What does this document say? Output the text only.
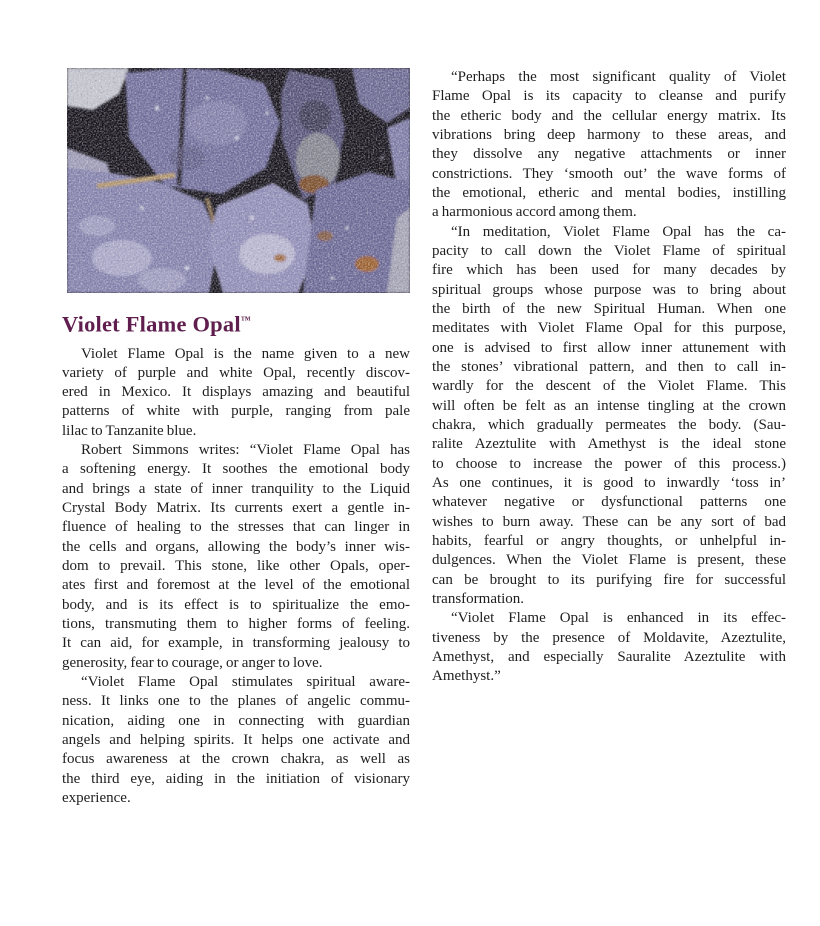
Violet Flame Opal™
Violet Flame Opal is the name given to a new
variety of purple and white Opal, recently discov-
ered in Mexico. It displays amazing and beautiful
patterns of white with purple, ranging from pale
lilac to Tanzanite blue.
Robert Simmons writes: “Violet Flame Opal has
a softening energy. It soothes the emotional body
and brings a state of inner tranquility to the Liquid
Crystal Body Matrix. Its currents exert a gentle in-
fluence of healing to the stresses that can linger in
the cells and organs, allowing the body’s inner wis-
dom to prevail. This stone, like other Opals, oper-
ates first and foremost at the level of the emotional
body, and is its effect is to spiritualize the emo-
tions, transmuting them to higher forms of feeling.
It can aid, for example, in transforming jealousy to
generosity, fear to courage, or anger to love.
“Violet Flame Opal stimulates spiritual aware-
ness. It links one to the planes of angelic commu-
nication, aiding one in connecting with guardian
angels and helping spirits. It helps one activate and
focus awareness at the crown chakra, as well as
the third eye, aiding in the initiation of visionary
experience.
“Perhaps the most significant quality of Violet
Flame Opal is its capacity to cleanse and purify
the etheric body and the cellular energy matrix. Its
vibrations bring deep harmony to these areas, and
they dissolve any negative attachments or inner
constrictions. They ‘smooth out’ the wave forms of
the emotional, etheric and mental bodies, instilling
a harmonious accord among them.
“In meditation, Violet Flame Opal has the ca-
pacity to call down the Violet Flame of spiritual
fire which has been used for many decades by
spiritual groups whose purpose was to bring about
the birth of the new Spiritual Human. When one
meditates with Violet Flame Opal for this purpose,
one is advised to first allow inner attunement with
the stones’ vibrational pattern, and then to call in-
wardly for the descent of the Violet Flame. This
will often be felt as an intense tingling at the crown
chakra, which gradually permeates the body. (Sau-
ralite Azeztulite with Amethyst is the ideal stone
to choose to increase the power of this process.)
As one continues, it is good to inwardly ‘toss in’
whatever negative or dysfunctional patterns one
wishes to burn away. These can be any sort of bad
habits, fearful or angry thoughts, or unhelpful in-
dulgences. When the Violet Flame is present, these
can be brought to its purifying fire for successful
transformation.
“Violet Flame Opal is enhanced in its effec-
tiveness by the presence of Moldavite, Azeztulite,
Amethyst, and especially Sauralite Azeztulite with
Amethyst.”
